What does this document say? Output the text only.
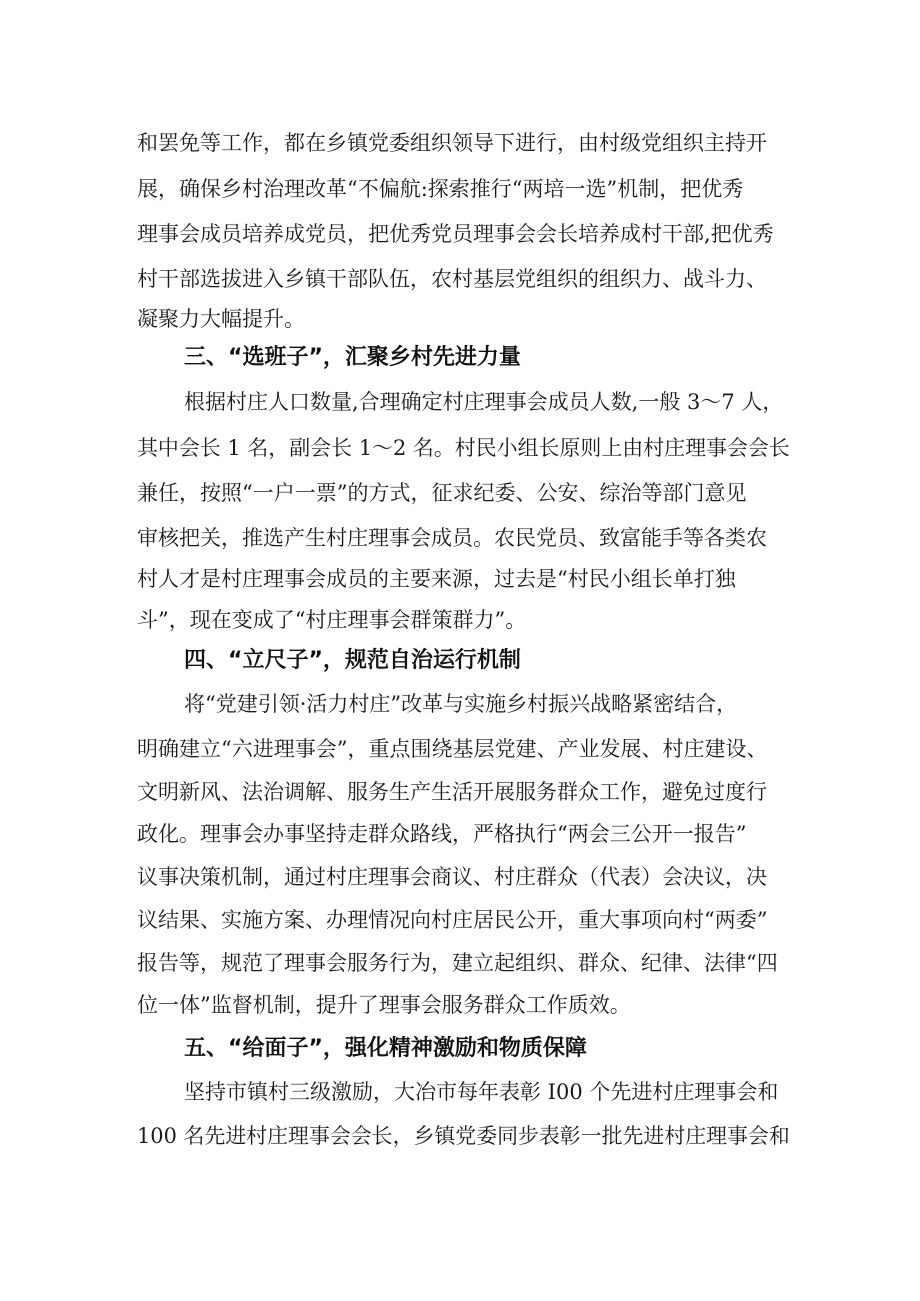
和罢免等工作，都在乡镇党委组织领导下进行，由村级党组织主持开
展，确保乡村治理改革“不偏航:探索推行“两培一选”机制，把优秀
理事会成员培养成党员，把优秀党员理事会会长培养成村干部,把优秀
村干部选拔进入乡镇干部队伍，农村基层党组织的组织力、战斗力、
凝聚力大幅提升。
三、“选班子”，汇聚乡村先进力量
根据村庄人口数量,合理确定村庄理事会成员人数,一般 3～7 人，
其中会长 1 名，副会长 1～2 名。村民小组长原则上由村庄理事会会长
兼任，按照“一户一票”的方式，征求纪委、公安、综治等部门意见
审核把关，推选产生村庄理事会成员。农民党员、致富能手等各类农
村人才是村庄理事会成员的主要来源，过去是“村民小组长单打独
斗”，现在变成了“村庄理事会群策群力”。
四、“立尺子”，规范自治运行机制
将“党建引领·活力村庄”改革与实施乡村振兴战略紧密结合，
明确建立“六进理事会”，重点围绕基层党建、产业发展、村庄建设、
文明新风、法治调解、服务生产生活开展服务群众工作，避免过度行
政化。理事会办事坚持走群众路线，严格执行“两会三公开一报告”
议事决策机制，通过村庄理事会商议、村庄群众（代表）会决议，决
议结果、实施方案、办理情况向村庄居民公开，重大事项向村“两委”
报告等，规范了理事会服务行为，建立起组织、群众、纪律、法律“四
位一体”监督机制，提升了理事会服务群众工作质效。
五、“给面子”，强化精神激励和物质保障
坚持市镇村三级激励，大冶市每年表彰 I00 个先进村庄理事会和
100 名先进村庄理事会会长，乡镇党委同步表彰一批先进村庄理事会和
